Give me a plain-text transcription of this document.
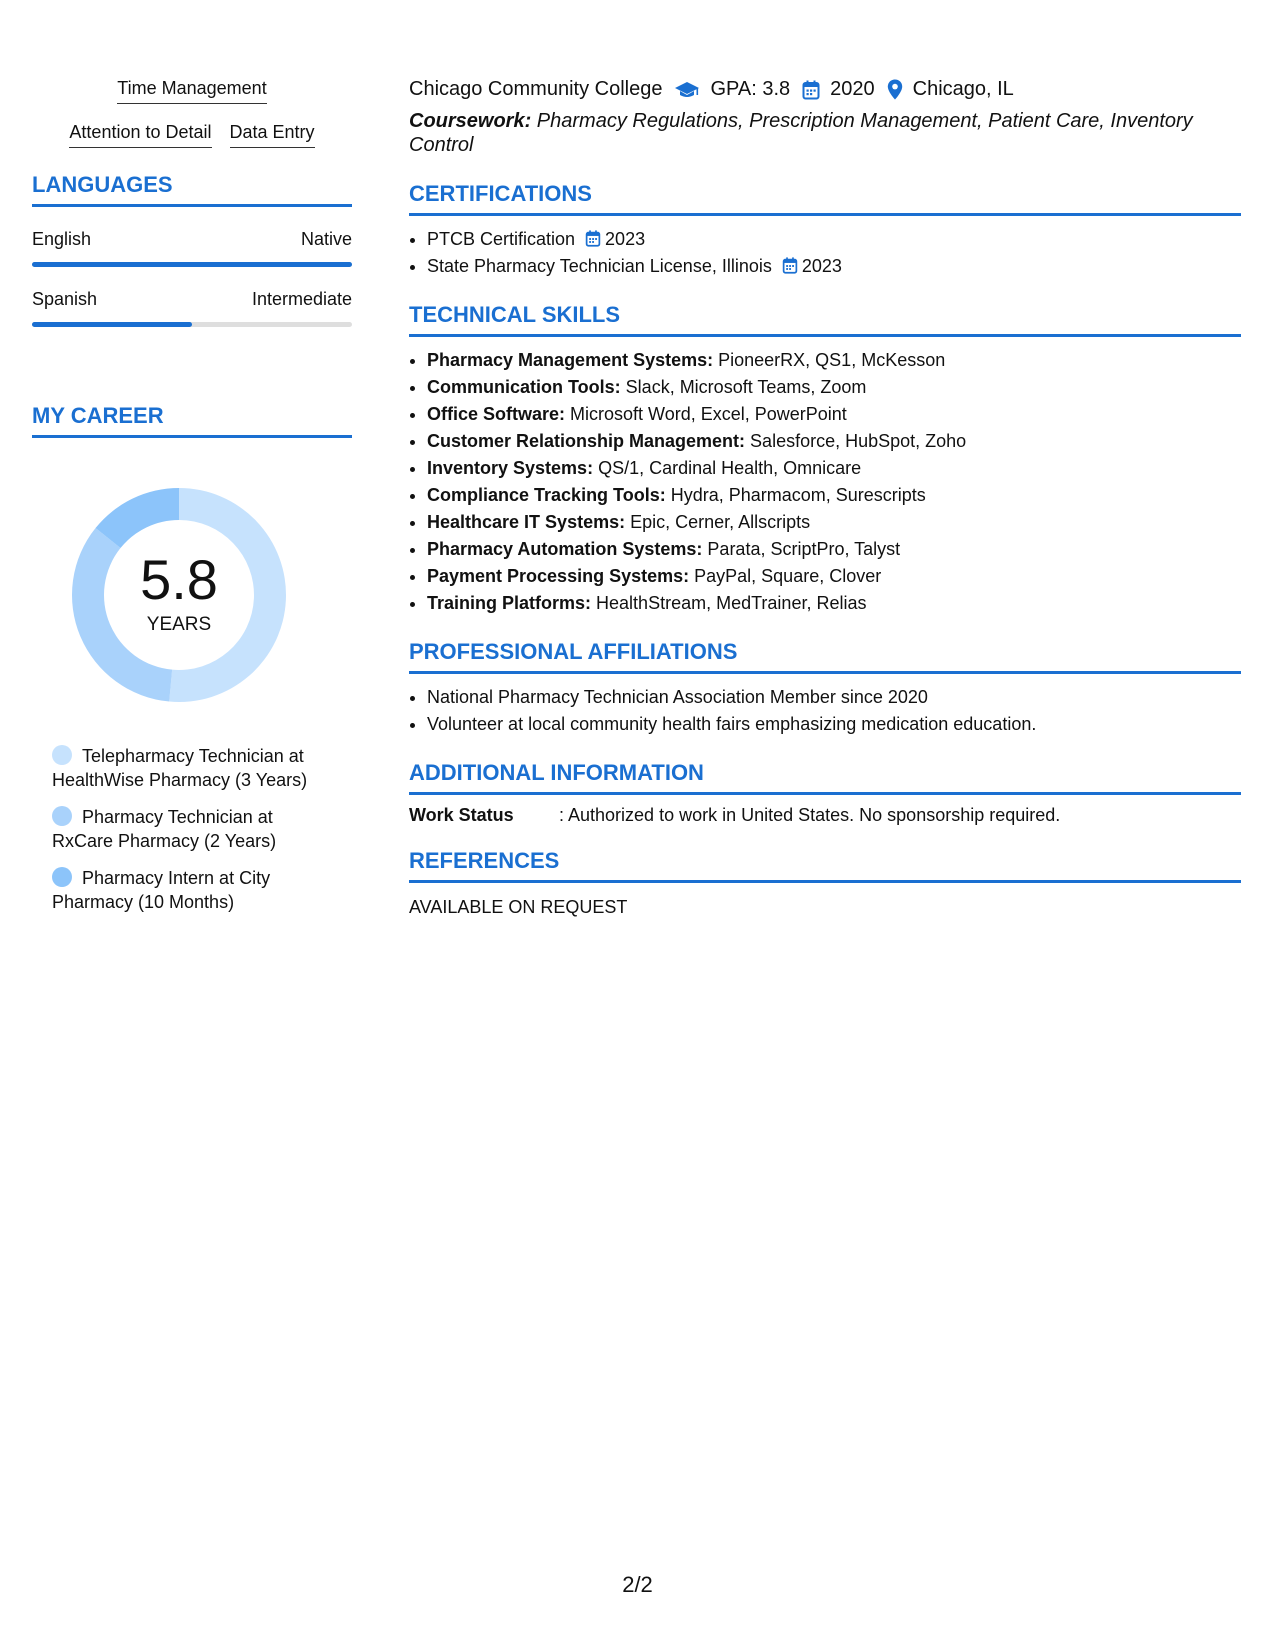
Time Management
Attention to Detail Data Entry
LANGUAGES
English	Native
Spanish	Intermediate
MY CAREER
5.8
YEARS
Telepharmacy Technician at HealthWise Pharmacy (3 Years)
Pharmacy Technician at RxCare Pharmacy (2 Years)
Pharmacy Intern at City Pharmacy (10 Months)
Chicago Community College GPA: 3.8 2020 Chicago, IL
Coursework: Pharmacy Regulations, Prescription Management, Patient Care, Inventory Control
CERTIFICATIONS
• PTCB Certification 2023
• State Pharmacy Technician License, Illinois 2023
TECHNICAL SKILLS
• Pharmacy Management Systems: PioneerRX, QS1, McKesson
• Communication Tools: Slack, Microsoft Teams, Zoom
• Office Software: Microsoft Word, Excel, PowerPoint
• Customer Relationship Management: Salesforce, HubSpot, Zoho
• Inventory Systems: QS/1, Cardinal Health, Omnicare
• Compliance Tracking Tools: Hydra, Pharmacom, Surescripts
• Healthcare IT Systems: Epic, Cerner, Allscripts
• Pharmacy Automation Systems: Parata, ScriptPro, Talyst
• Payment Processing Systems: PayPal, Square, Clover
• Training Platforms: HealthStream, MedTrainer, Relias
PROFESSIONAL AFFILIATIONS
• National Pharmacy Technician Association Member since 2020
• Volunteer at local community health fairs emphasizing medication education.
ADDITIONAL INFORMATION
Work Status	: Authorized to work in United States. No sponsorship required.
REFERENCES
AVAILABLE ON REQUEST
2/2
